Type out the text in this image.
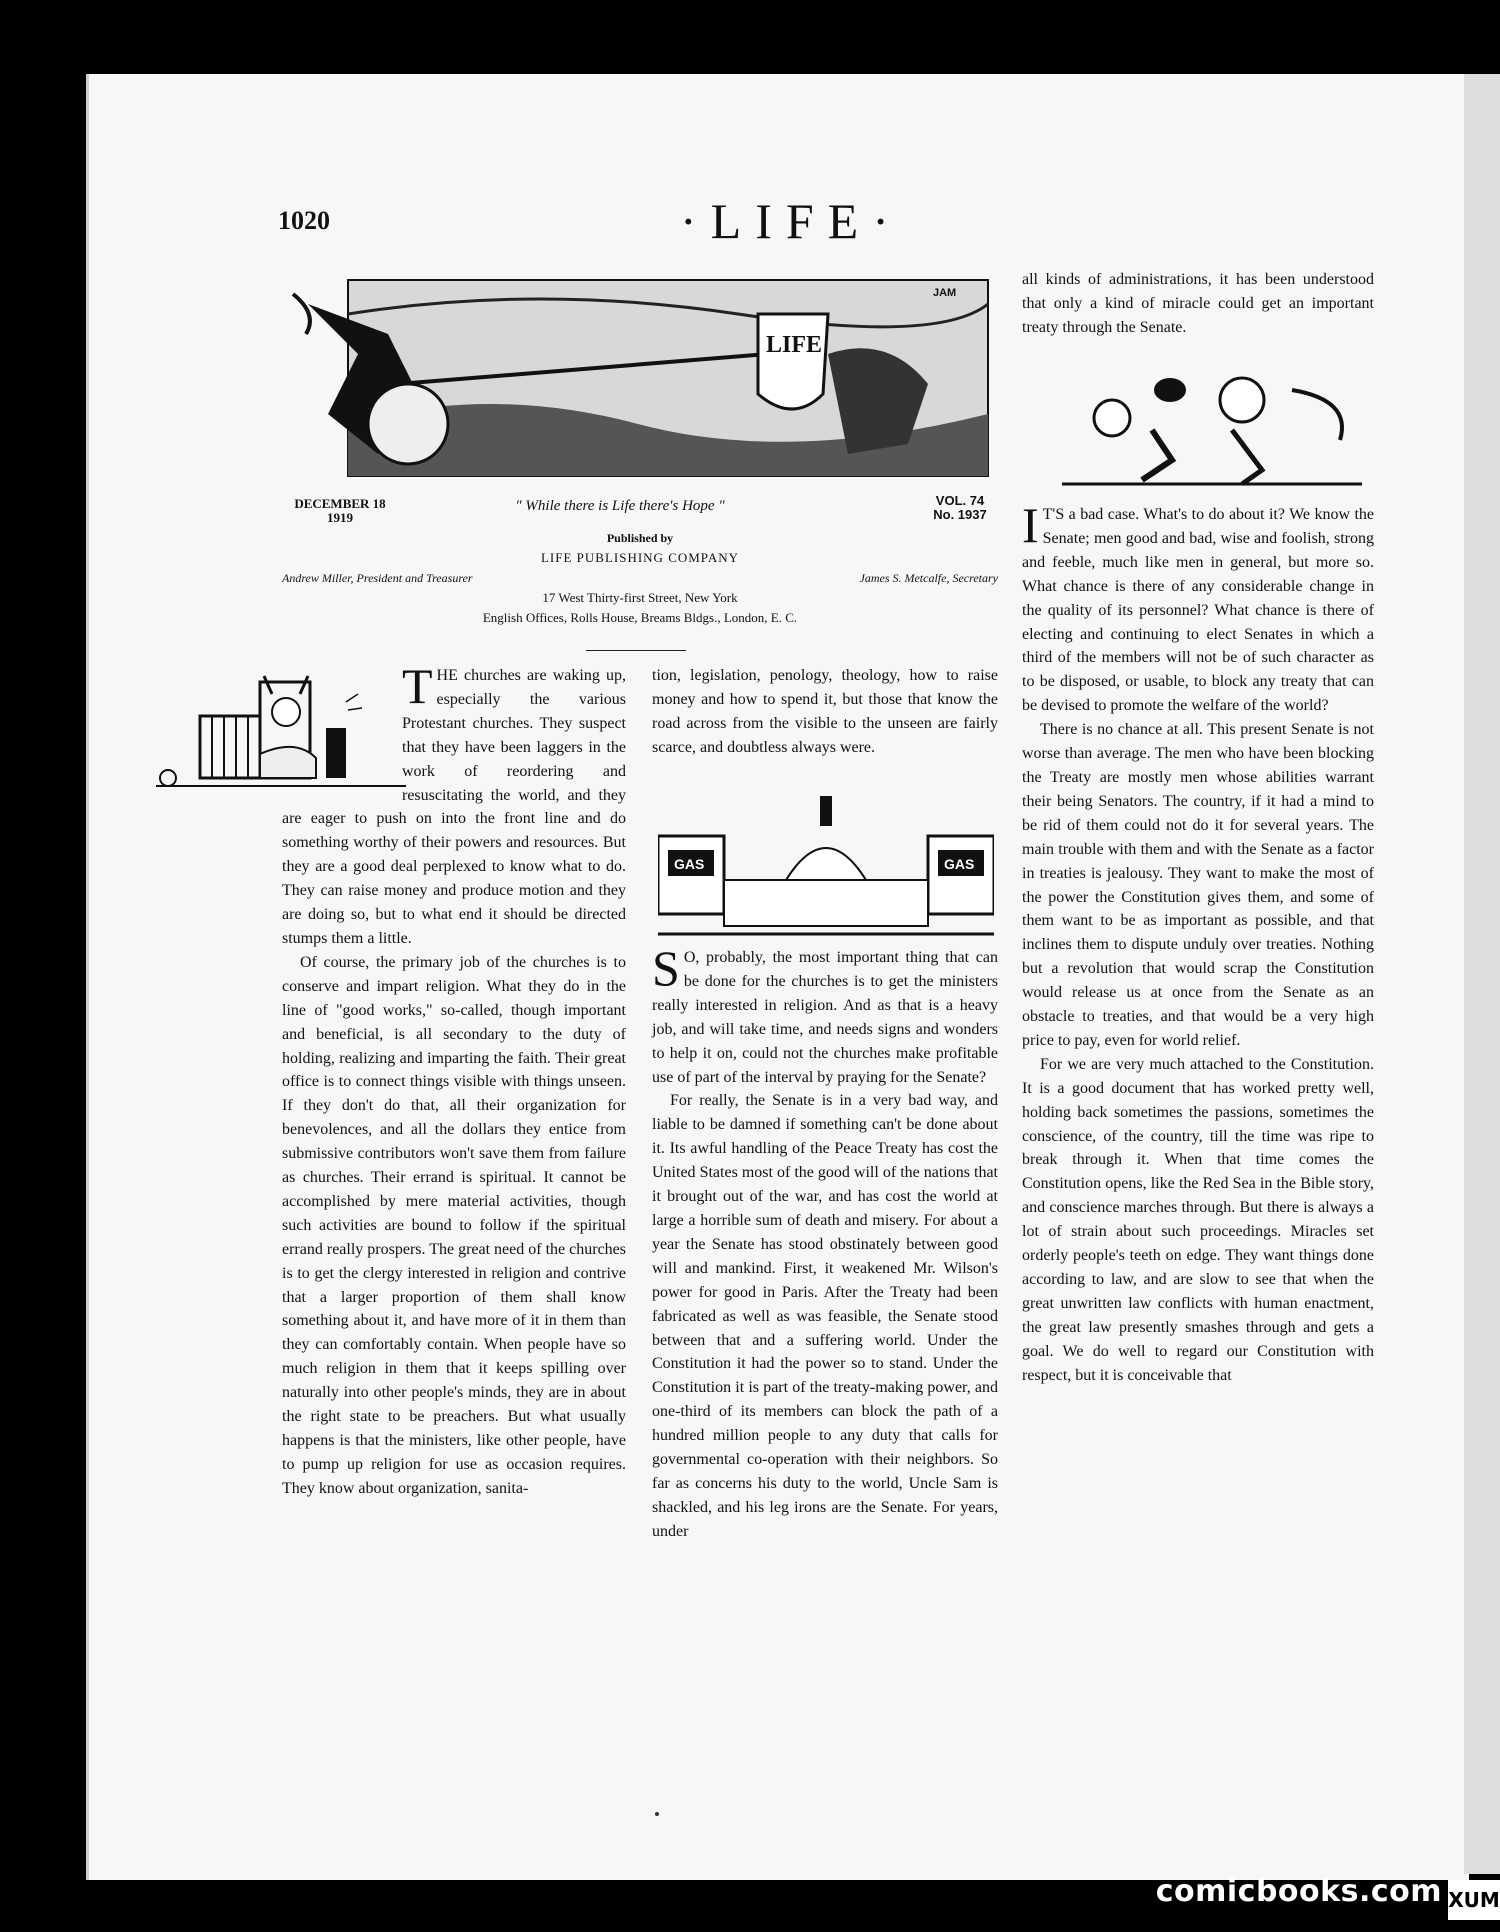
1020	·LIFE·
LIFE
JAM
DECEMBER 18
1919
" While there is Life there's Hope "	VOL. 74
No. 1937
Published by
LIFE PUBLISHING COMPANY
Andrew Miller, President and Treasurer	James S. Metcalfe, Secretary
17 West Thirty-first Street, New York
English Offices, Rolls House, Breams Bldgs., London, E. C.
GAS	GAS

THE churches are waking up, especially the various Protestant churches. They suspect that they have been laggers in the work of reordering and resuscitating the world, and they are eager to push on into the front line and do something worthy of their powers and resources. But they are a good deal perplexed to know what to do. They can raise money and produce motion and they are doing so, but to what end it should be directed stumps them a little.

Of course, the primary job of the churches is to conserve and impart religion. What they do in the line of "good works," so-called, though important and beneficial, is all secondary to the duty of holding, realizing and imparting the faith. Their great office is to connect things visible with things unseen. If they don't do that, all their organization for benevolences, and all the dollars they entice from submissive contributors won't save them from failure as churches. Their errand is spiritual. It cannot be accomplished by mere material activities, though such activities are bound to follow if the spiritual errand really prospers. The great need of the churches is to get the clergy interested in religion and contrive that a larger proportion of them shall know something about it, and have more of it in them than they can comfortably contain. When people have so much religion in them that it keeps spilling over naturally into other people's minds, they are in about the right state to be preachers. But what usually happens is that the ministers, like other people, have to pump up religion for use as occasion requires. They know about organization, sanita-

tion, legislation, penology, theology, how to raise money and how to spend it, but those that know the road across from the visible to the unseen are fairly scarce, and doubtless always were.

S O, probably, the most important thing that can be done for the churches is to get the ministers really interested in religion. And as that is a heavy job, and will take time, and needs signs and wonders to help it on, could not the churches make profitable use of part of the interval by praying for the Senate?

For really, the Senate is in a very bad way, and liable to be damned if something can't be done about it. Its awful handling of the Peace Treaty has cost the United States most of the good will of the nations that it brought out of the war, and has cost the world at large a horrible sum of death and misery. For about a year the Senate has stood obstinately between good will and mankind. First, it weakened Mr. Wilson's power for good in Paris. After the Treaty had been fabricated as well as was feasible, the Senate stood between that and a suffering world. Under the Constitution it had the power so to stand. Under the Constitution it is part of the treaty-making power, and one-third of its members can block the path of a hundred million people to any duty that calls for governmental co-operation with their neighbors. So far as concerns his duty to the world, Uncle Sam is shackled, and his leg irons are the Senate. For years, under

all kinds of administrations, it has been understood that only a kind of miracle could get an important treaty through the Senate.

I T'S a bad case. What's to do about it? We know the Senate; men good and bad, wise and foolish, strong and feeble, much like men in general, but more so. What chance is there of any considerable change in the quality of its personnel? What chance is there of electing and continuing to elect Senates in which a third of the members will not be of such character as to be disposed, or usable, to block any treaty that can be devised to promote the welfare of the world?

There is no chance at all. This present Senate is not worse than average. The men who have been blocking the Treaty are mostly men whose abilities warrant their being Senators. The country, if it had a mind to be rid of them could not do it for several years. The main trouble with them and with the Senate as a factor in treaties is jealousy. They want to make the most of the power the Constitution gives them, and some of them want to be as important as possible, and that inclines them to dispute unduly over treaties. Nothing but a revolution that would scrap the Constitution would release us at once from the Senate as an obstacle to treaties, and that would be a very high price to pay, even for world relief.

For we are very much attached to the Constitution. It is a good document that has worked pretty well, holding back sometimes the passions, sometimes the conscience, of the country, till the time was ripe to break through it. When that time comes the Constitution opens, like the Red Sea in the Bible story, and conscience marches through. But there is always a lot of strain about such proceedings. Miracles set orderly people's teeth on edge. They want things done according to law, and are slow to see that when the great unwritten law conflicts with human enactment, the great law presently smashes through and gets a goal. We do well to regard our Constitution with respect, but it is conceivable that

comicbooks.com XUM
